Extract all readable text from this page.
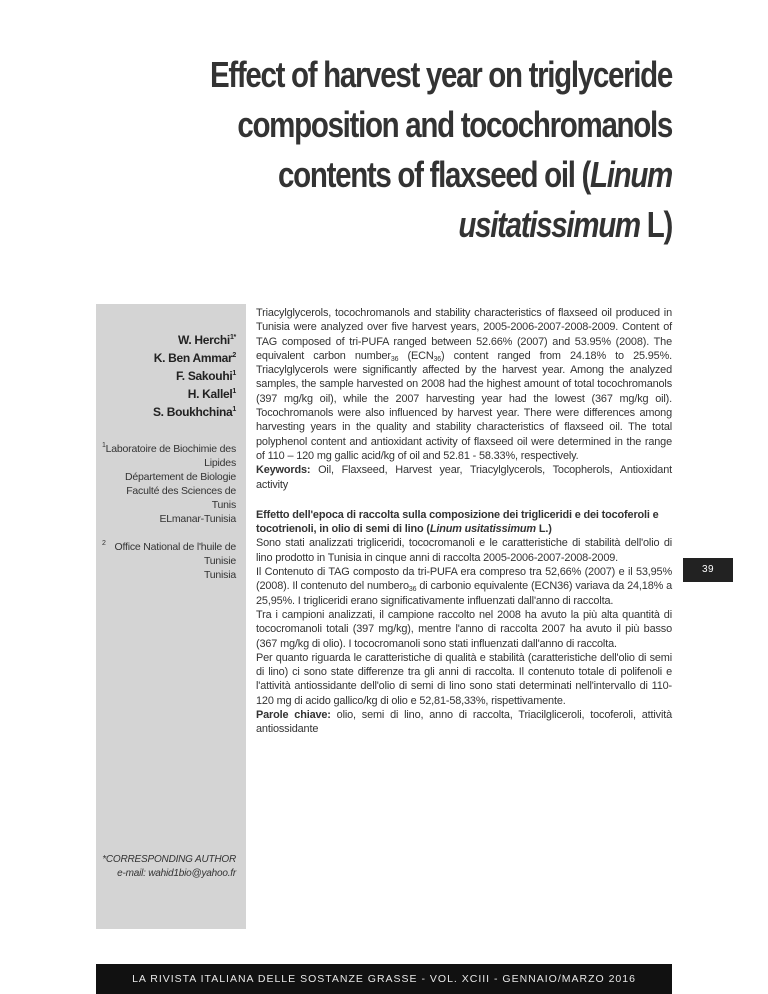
Effect of harvest year on triglyceride composition and tocochromanols contents of flaxseed oil (Linum usitatissimum L)
W. Herchi$^{1*}$
K. Ben Ammar$^2$
F. Sakouhi$^1$
H. Kallel$^1$
S. Boukhchina$^1$
1 Laboratoire de Biochimie des Lipides
Département de Biologie
Faculté des Sciences de Tunis
ELmanar-Tunisia
2 Office National de l'huile de Tunisie
Tunisia
*CORRESPONDING AUTHOR
e-mail: wahid1bio@yahoo.fr

Triacylglycerols, tocochromanols and stability characteristics of flaxseed oil produced in Tunisia were analyzed over five harvest years, 2005-2006-2007-2008-2009. Content of TAG composed of tri-PUFA ranged between 52.66% (2007) and 53.95% (2008). The equivalent carbon number$_{36}$ $(ECN_{36})$ content ranged from 24.18% to 25.95%. Triacylglycerols were significantly affected by the harvest year. Among the analyzed samples, the sample harvested on 2008 had the highest amount of total tocochromanols (397 mg/kg oil), while the 2007 harvesting year had the lowest (367 mg/kg oil). Tocochromanols were also influenced by harvest year. There were differences among harvesting years in the quality and stability characteristics of flaxseed oil. The total polyphenol content and antioxidant activity of flaxseed oil were determined in the range of 110 – 120 mg gallic acid/kg of oil and 52.81 - 58.33%, respectively.

Keywords: Oil, Flaxseed, Harvest year, Triacylglycerols, Tocopherols, Antioxidant activity

Effetto dell'epoca di raccolta sulla composizione dei trigliceridi e dei tocoferoli e tocotrienoli, in olio di semi di lino (Linum usitatissimum L.)

Sono stati analizzati trigliceridi, tococromanoli e le caratteristiche di stabilità dell'olio di lino prodotto in Tunisia in cinque anni di raccolta 2005-2006-2007-2008-2009.

Il Contenuto di TAG composto da tri-PUFA era compreso tra 52,66% (2007) e il 53,95% (2008). Il contenuto del numbero$_{36}$ di carbonio equivalente (ECN36) variava da 24,18% a 25,95%. I trigliceridi erano significativamente influenzati dall'anno di raccolta.

Tra i campioni analizzati, il campione raccolto nel 2008 ha avuto la più alta quantità di tococromanoli totali (397 mg/kg), mentre l'anno di raccolta 2007 ha avuto il più basso (367 mg/kg di olio). I tococromanoli sono stati influenzati dall'anno di raccolta.

Per quanto riguarda le caratteristiche di qualità e stabilità (caratteristiche dell'olio di semi di lino) ci sono state differenze tra gli anni di raccolta. Il contenuto totale di polifenoli e l'attività antiossidante dell'olio di semi di lino sono stati determinati nell'intervallo di 110-120 mg di acido gallico/kg di olio e 52,81-58,33%, rispettivamente.

Parole chiave: olio, semi di lino, anno di raccolta, Triacilgliceroli, tocoferoli, attività antiossidante

39
LA RIVISTA ITALIANA DELLE SOSTANZE GRASSE - VOL. XCIII - GENNAIO/MARZO 2016
